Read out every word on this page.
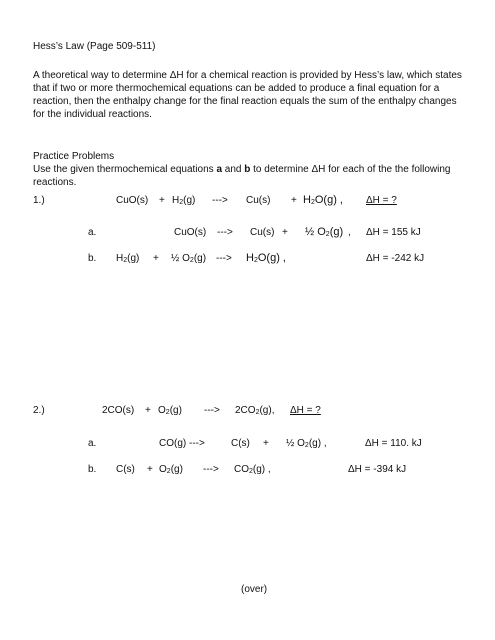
Hess’s Law (Page 509-511)
A theoretical way to determine ΔH for a chemical reaction is provided by Hess’s law, which states that if two or more thermochemical equations can be added to produce a final equation for a reaction, then the enthalpy change for the final reaction equals the sum of the enthalpy changes for the individual reactions.
Practice Problems
Use the given thermochemical equations a and b to determine ΔH for each of the the following reactions.
1.)	$CuO(s) + H_2(g)$ ---> $Cu(s) + H_2O(g)$ , ΔH = ?
a.	CuO(s) ---> Cu(s) + ½ $O_2(g)$ , ΔH = 155 kJ
b. $H_2(g)$ + ½ $O_2(g)$ ---> $H_2O(g)$ ,	ΔH = -242 kJ
2.)	$2CO(s) + O_2(g)$ ---> $2CO_2(g)$, ΔH = ?
a.	CO(g) --->	C(s) + ½ $O_2(g)$ ,	ΔH = 110. kJ
b. $C(s) + O_2(g)$ ---> $CO_2(g)$ ,	ΔH = -394 kJ
(over)
